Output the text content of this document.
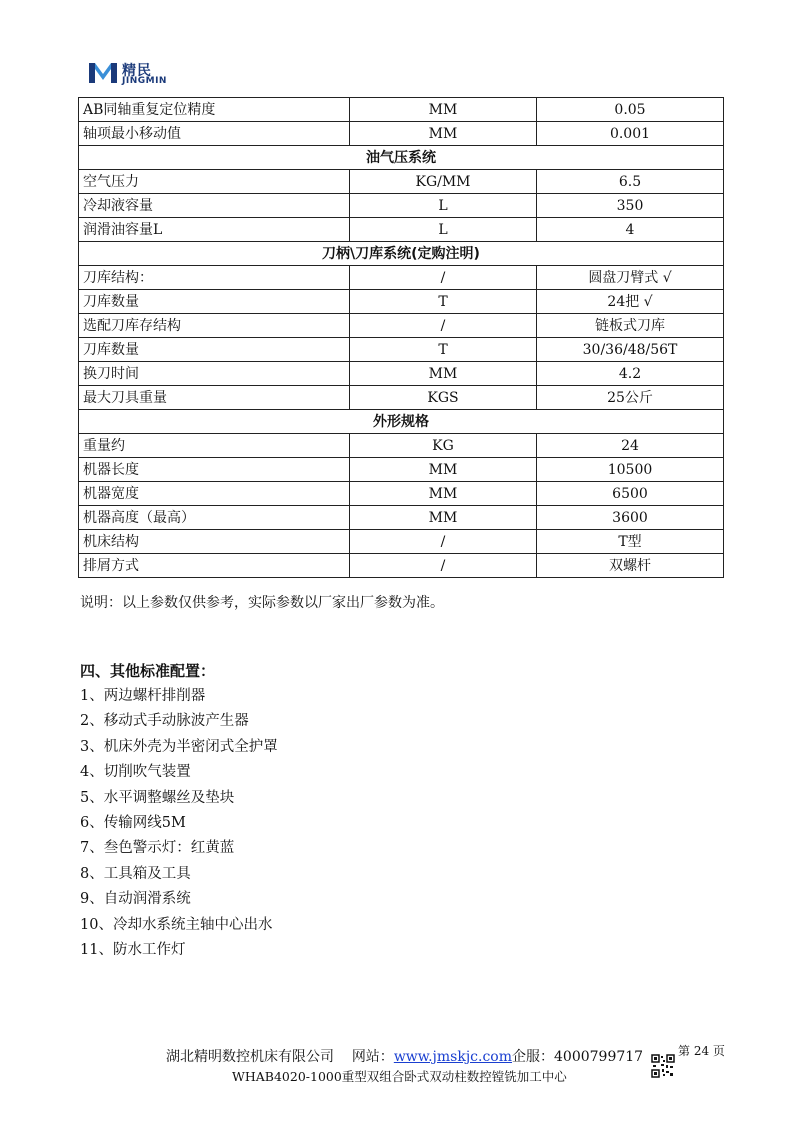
精民
JINGMIN
AB同轴重复定位精度	MM	0.05
轴项最小移动值	MM	0.001
油气压系统		
空气压力	KG/MM	6.5
冷却液容量	L	350
润滑油容量L	L	4
刀柄\刀库系统(定购注明)		
刀库结构：	/	圆盘刀臂式 √
刀库数量	T	24把 √
选配刀库存结构	/	链板式刀库
刀库数量	T	30/36/48/56T
换刀时间	MM	4.2
最大刀具重量	KGS	25公斤
外形规格		
重量约	KG	24
机器长度	MM	10500
机器宽度	MM	6500
机器高度（最高）	MM	3600
机床结构	/	T型
排屑方式	/	双螺杆
说明：以上参数仅供参考，实际参数以厂家出厂参数为准。
四、其他标准配置：
1、两边螺杆排削器
2、移动式手动脉波产生器
3、机床外壳为半密闭式全护罩
4、切削吹气装置
5、水平调整螺丝及垫块
6、传输网线5M
7、叁色警示灯：红黄蓝
8、工具箱及工具
9、自动润滑系统
10、冷却水系统主轴中心出水
11、防水工作灯
湖北精明数控机床有限公司 网站：www.jmskjc.com企服：4000799717	第 24 页
WHAB4020-1000重型双组合卧式双动柱数控镗铣加工中心
